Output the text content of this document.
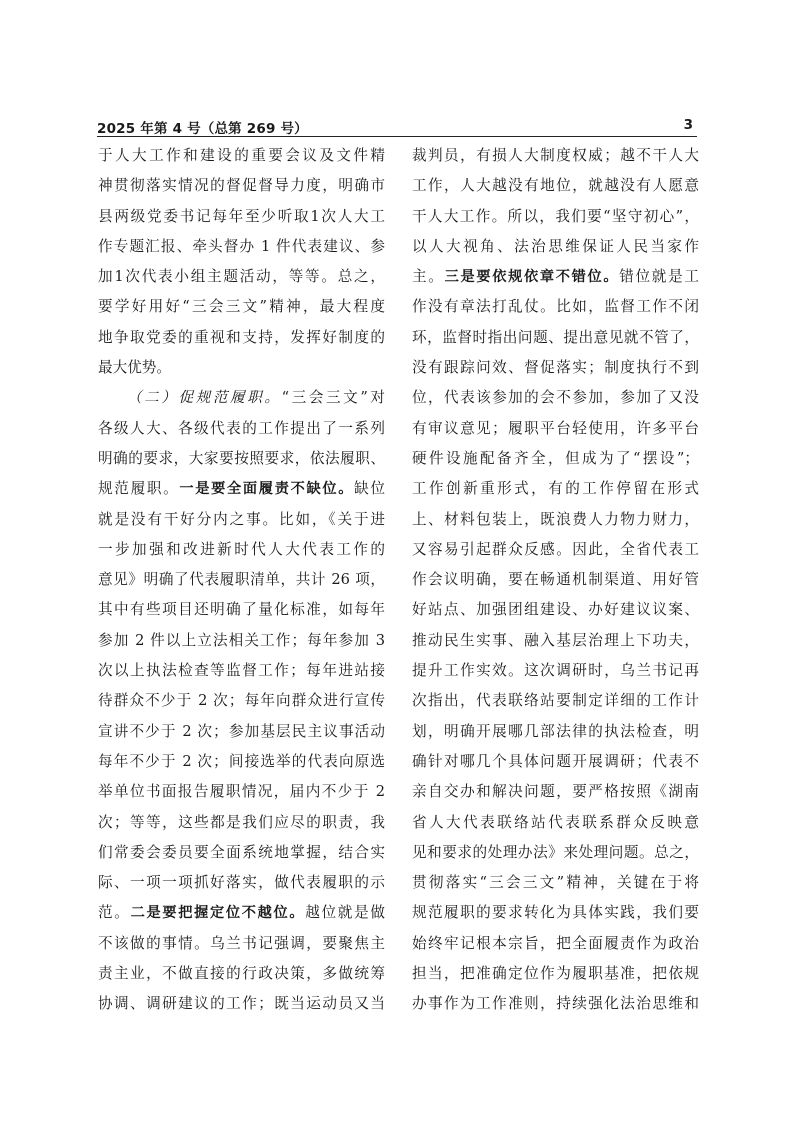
2025 年第 4 号（总第 269 号）	3
于人大工作和建设的重要会议及文件精
神贯彻落实情况的督促督导力度，明确市
县两级党委书记每年至少听取1次人大工
作专题汇报、牵头督办 1 件代表建议、参
加1次代表小组主题活动，等等。总之，
要学好用好“三会三文”精神，最大程度
地争取党委的重视和支持，发挥好制度的
最大优势。
（二）促规范履职。“三会三文”对
各级人大、各级代表的工作提出了一系列
明确的要求，大家要按照要求，依法履职、
规范履职。一是要全面履责不缺位。缺位
就是没有干好分内之事。比如，《关于进
一步加强和改进新时代人大代表工作的
意见》明确了代表履职清单，共计 26 项，
其中有些项目还明确了量化标准，如每年
参加 2 件以上立法相关工作；每年参加 3
次以上执法检查等监督工作；每年进站接
待群众不少于 2 次；每年向群众进行宣传
宣讲不少于 2 次；参加基层民主议事活动
每年不少于 2 次；间接选举的代表向原选
举单位书面报告履职情况，届内不少于 2
次；等等，这些都是我们应尽的职责，我
们常委会委员要全面系统地掌握，结合实
际、一项一项抓好落实，做代表履职的示
范。二是要把握定位不越位。越位就是做
不该做的事情。乌兰书记强调，要聚焦主
责主业，不做直接的行政决策，多做统筹
协调、调研建议的工作；既当运动员又当
裁判员，有损人大制度权威；越不干人大
工作，人大越没有地位，就越没有人愿意
干人大工作。所以，我们要“坚守初心”，
以人大视角、法治思维保证人民当家作
主。三是要依规依章不错位。错位就是工
作没有章法打乱仗。比如，监督工作不闭
环，监督时指出问题、提出意见就不管了，
没有跟踪问效、督促落实；制度执行不到
位，代表该参加的会不参加，参加了又没
有审议意见；履职平台轻使用，许多平台
硬件设施配备齐全，但成为了“摆设”；
工作创新重形式，有的工作停留在形式
上、材料包装上，既浪费人力物力财力，
又容易引起群众反感。因此，全省代表工
作会议明确，要在畅通机制渠道、用好管
好站点、加强团组建设、办好建议议案、
推动民生实事、融入基层治理上下功夫，
提升工作实效。这次调研时，乌兰书记再
次指出，代表联络站要制定详细的工作计
划，明确开展哪几部法律的执法检查，明
确针对哪几个具体问题开展调研；代表不
亲自交办和解决问题，要严格按照《湖南
省人大代表联络站代表联系群众反映意
见和要求的处理办法》来处理问题。总之，
贯彻落实“三会三文”精神，关键在于将
规范履职的要求转化为具体实践，我们要
始终牢记根本宗旨，把全面履责作为政治
担当，把准确定位作为履职基准，把依规
办事作为工作准则，持续强化法治思维和
